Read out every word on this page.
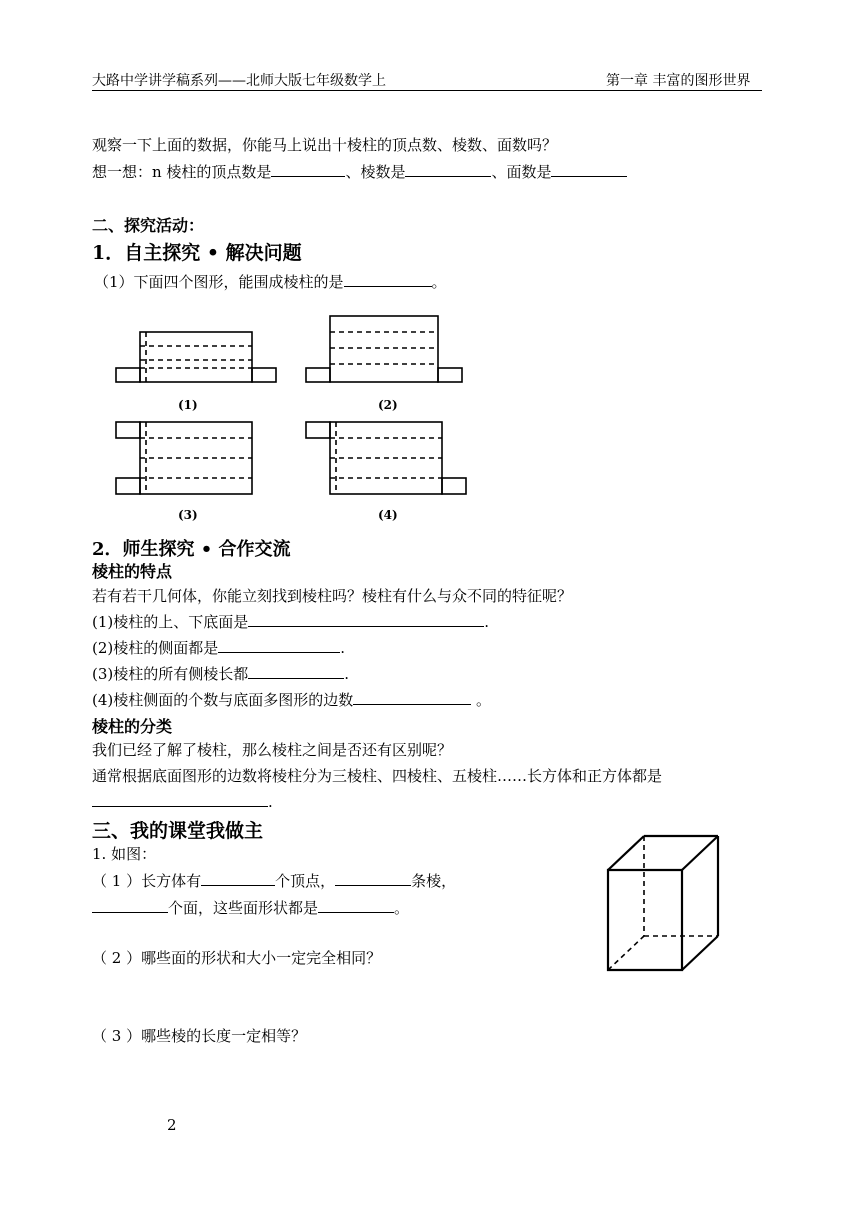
大路中学讲学稿系列——北师大版七年级数学上	第一章 丰富的图形世界
观察一下上面的数据，你能马上说出十棱柱的顶点数、棱数、面数吗？
想一想：n 棱柱的顶点数是	、棱数是	、面数是
二、探究活动：
1．自主探究 • 解决问题
（1）下面四个图形，能围成棱柱的是	。
(1)	(2)
(3)	(4)
2．师生探究 • 合作交流
棱柱的特点
若有若干几何体，你能立刻找到棱柱吗？棱柱有什么与众不同的特征呢？
(1)棱柱的上、下底面是	.
(2)棱柱的侧面都是	.
(3)棱柱的所有侧棱长都	.
(4)棱柱侧面的个数与底面多图形的边数	。
棱柱的分类
我们已经了解了棱柱，那么棱柱之间是否还有区别呢？
通常根据底面图形的边数将棱柱分为三棱柱、四棱柱、五棱柱……长方体和正方体都是
.
三、我的课堂我做主
1. 如图：
（ 1 ）长方体有	个顶点，	条棱，
个面，这些面形状都是	。
（ 2 ）哪些面的形状和大小一定完全相同？
（ 3 ）哪些棱的长度一定相等？
2
